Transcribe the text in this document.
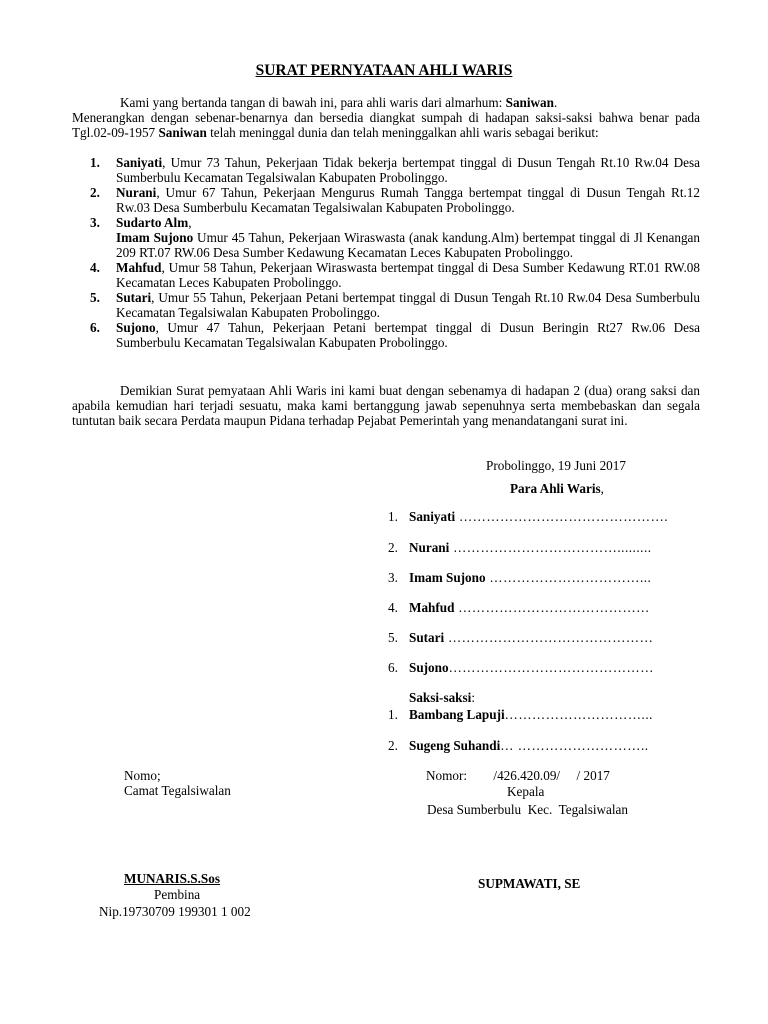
SURAT PERNYATAAN AHLI WARIS

Kami yang bertanda tangan di bawah ini, para ahli waris dari almarhum: Saniwan.

Menerangkan dengan sebenar-benarnya dan bersedia diangkat sumpah di hadapan saksi-saksi bahwa benar pada Tgl.02-09-1957 Saniwan telah meninggal dunia dan telah meninggalkan ahli waris sebagai berikut:

1. Saniyati, Umur 73 Tahun, Pekerjaan Tidak bekerja bertempat tinggal di Dusun Tengah Rt.10 Rw.04 Desa Sumberbulu Kecamatan Tegalsiwalan Kabupaten Probolinggo.
2. Nurani, Umur 67 Tahun, Pekerjaan Mengurus Rumah Tangga bertempat tinggal di Dusun Tengah Rt.12 Rw.03 Desa Sumberbulu Kecamatan Tegalsiwalan Kabupaten Probolinggo.
3. Sudarto Alm,
Imam Sujono Umur 45 Tahun, Pekerjaan Wiraswasta (anak kandung.Alm) bertempat tinggal di Jl Kenangan 209 RT.07 RW.06 Desa Sumber Kedawung Kecamatan Leces Kabupaten Probolinggo.
4. Mahfud, Umur 58 Tahun, Pekerjaan Wiraswasta bertempat tinggal di Desa Sumber Kedawung RT.01 RW.08 Kecamatan Leces Kabupaten Probolinggo.
5. Sutari, Umur 55 Tahun, Pekerjaan Petani bertempat tinggal di Dusun Tengah Rt.10 Rw.04 Desa Sumberbulu Kecamatan Tegalsiwalan Kabupaten Probolinggo.
6. Sujono, Umur 47 Tahun, Pekerjaan Petani bertempat tinggal di Dusun Beringin Rt27 Rw.06 Desa Sumberbulu Kecamatan Tegalsiwalan Kabupaten Probolinggo.

Demikian Surat pemyataan Ahli Waris ini kami buat dengan sebenamya di hadapan 2 (dua) orang saksi dan apabila kemudian hari terjadi sesuatu, maka kami bertanggung jawab sepenuhnya serta membebaskan dan segala tuntutan baik secara Perdata maupun Pidana terhadap Pejabat Pemerintah yang menandatangani surat ini.

Probolinggo, 19 Juni 2017
Para Ahli Waris,
1. Saniyati ……………………………………….
2. Nurani ……………………………….........
3. Imam Sujono ……………………………...
4. Mahfud ……………………………………
5. Sutari ………………………………………
6. Sujono………………………………………
Saksi-saksi:
1. Bambang Lapuji…………………………...
2. Sugeng Suhandi… ………………………..
Nomo;
Camat Tegalsiwalan
Nomor:        /426.420.09/     / 2017
Kepala
Desa Sumberbulu  Kec.  Tegalsiwalan
MUNARIS.S.Sos
Pembina
Nip.19730709 199301 1 002
SUPMAWATI, SE
